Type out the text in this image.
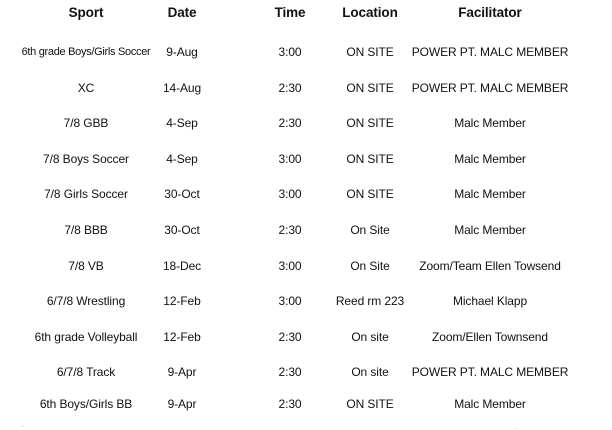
Sport	Date	Time	Location	Facilitator
6th grade Boys/Girls Soccer	9-Aug	3:00	ON SITE	POWER PT. MALC MEMBER
XC	14-Aug	2:30	ON SITE	POWER PT. MALC MEMBER
7/8 GBB	4-Sep	2:30	ON SITE	Malc Member
7/8 Boys Soccer	4-Sep	3:00	ON SITE	Malc Member
7/8 Girls Soccer	30-Oct	3:00	ON SITE	Malc Member
7/8 BBB	30-Oct	2:30	On Site	Malc Member
7/8 VB	18-Dec	3:00	On Site	Zoom/Team Ellen Towsend
6/7/8 Wrestling	12-Feb	3:00	Reed rm 223	Michael Klapp
6th grade Volleyball	12-Feb	2:30	On site	Zoom/Ellen Townsend
6/7/8 Track	9-Apr	2:30	On site	POWER PT. MALC MEMBER
6th Boys/Girls BB	9-Apr	2:30	ON SITE	Malc Member
